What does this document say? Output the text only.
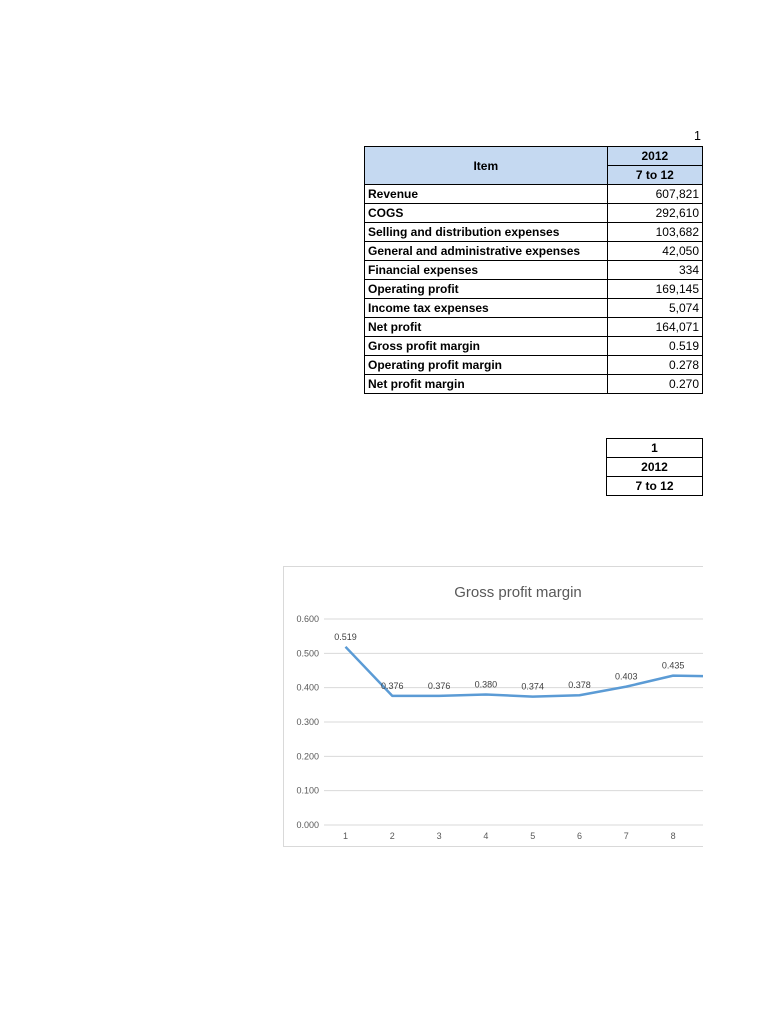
1
Item	2012
	7 to 12
Revenue	607,821
COGS	292,610
Selling and distribution expenses	103,682
General and administrative expenses	42,050
Financial expenses	334
Operating profit	169,145
Income tax expenses	5,074
Net profit	164,071
Gross profit margin	0.519
Operating profit margin	0.278
Net profit margin	0.270
1
2012
7 to 12
Gross profit margin
0.000
0.100
0.200
0.300
0.400
0.500
0.600
1	2	3	4	5	6	7	8
0.519
0.376	0.376	0.380	0.374	0.378
0.403
0.435
